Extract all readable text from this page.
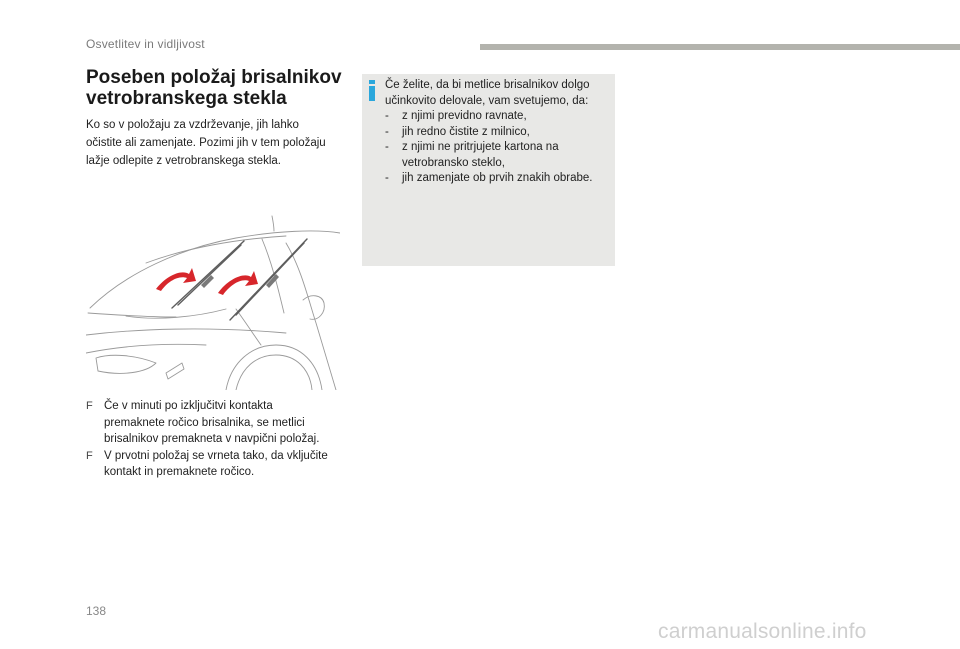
Osvetlitev in vidljivost
Poseben položaj brisalnikov
vetrobranskega stekla
Ko so v položaju za vzdrževanje, jih lahko
očistite ali zamenjate. Pozimi jih v tem položaju
lažje odlepite z vetrobranskega stekla.
F Če v minuti po izključitvi kontakta
premaknete ročico brisalnika, se metlici
brisalnikov premakneta v navpični položaj.
F V prvotni položaj se vrneta tako, da vključite
kontakt in premaknete ročico.
Če želite, da bi metlice brisalnikov dolgo
učinkovito delovale, vam svetujemo, da:
- z njimi previdno ravnate,
- jih redno čistite z milnico,
- z njimi ne pritrjujete kartona na
vetrobransko steklo,
- jih zamenjate ob prvih znakih obrabe.
138
carmanualsonline.info
